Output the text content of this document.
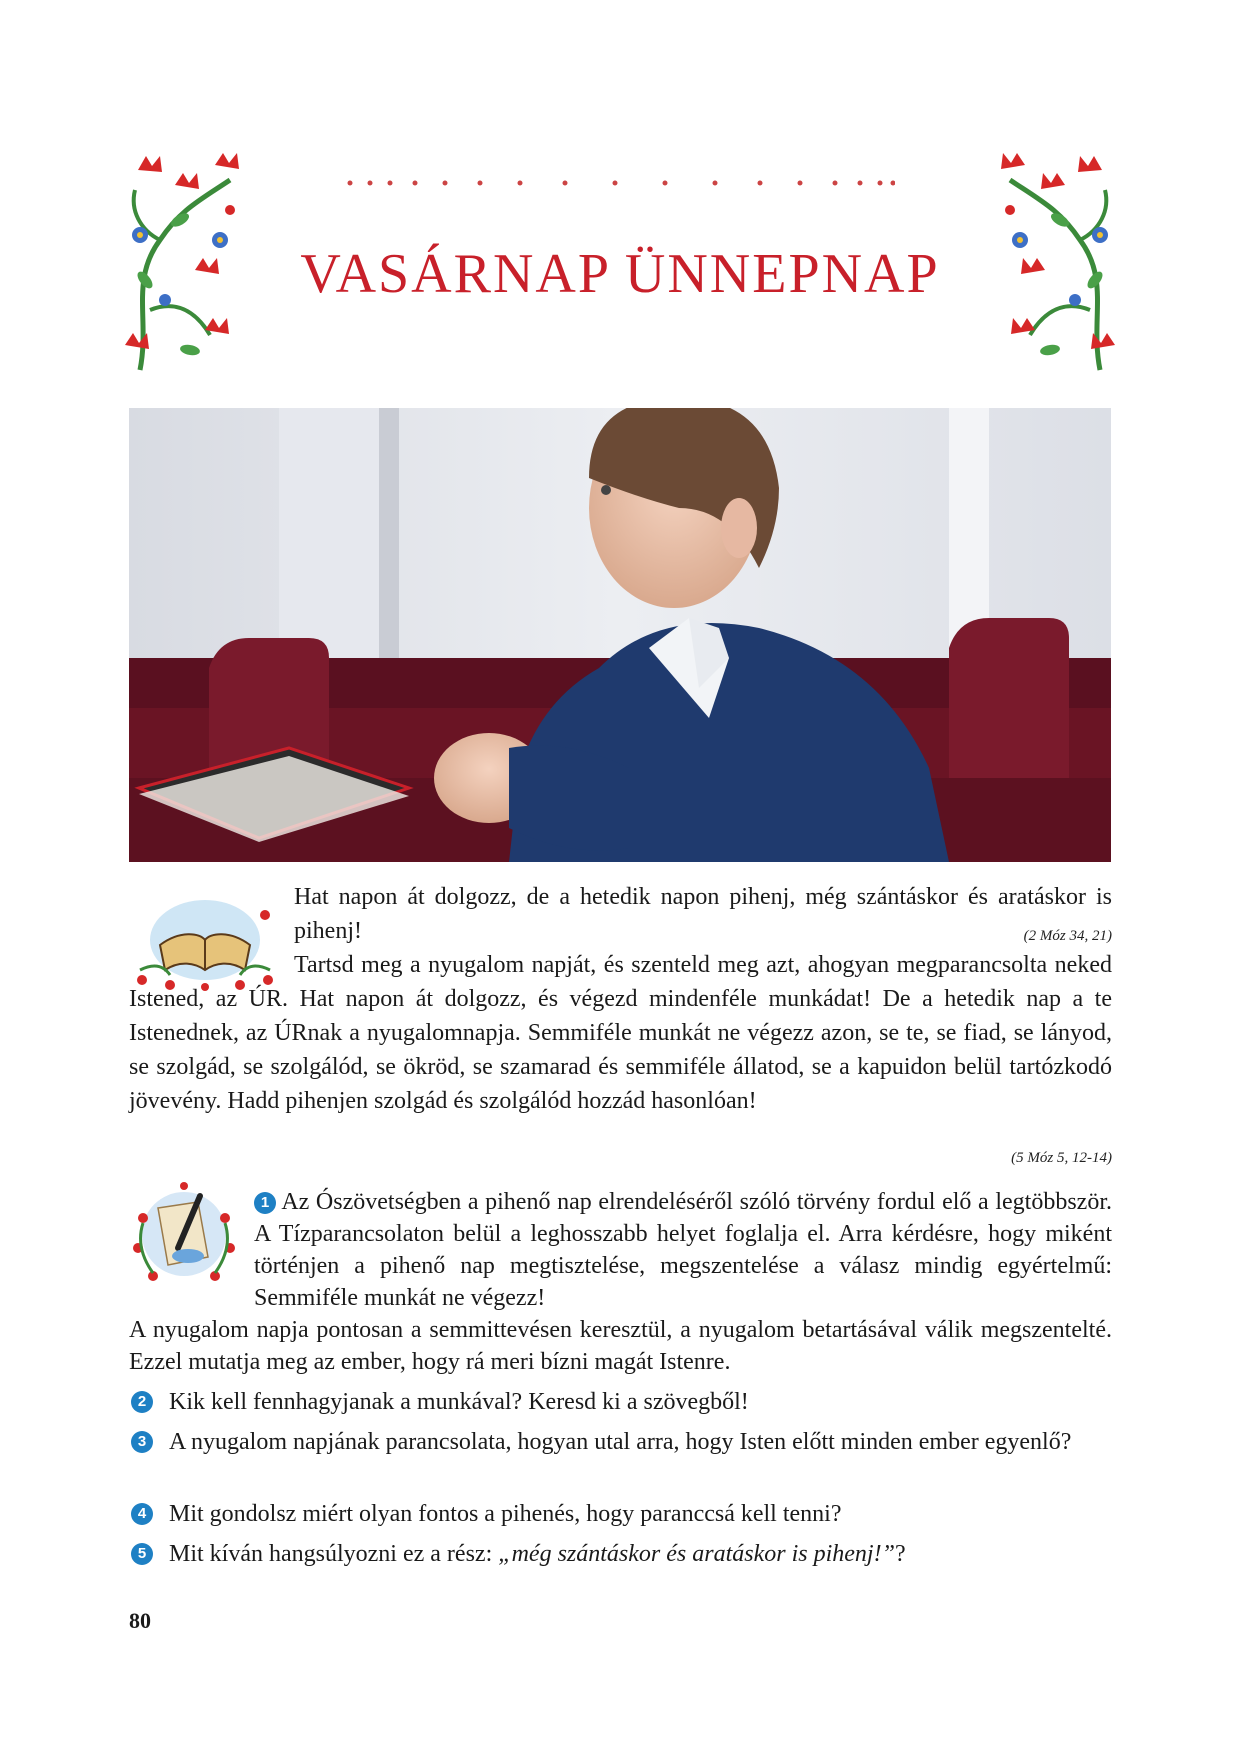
VASÁRNAP ÜNNEPNAP
Hat napon át dolgozz, de a hetedik napon pihenj, még szántáskor és aratáskor is pihenj!	(2 Móz 34, 21)
Tartsd meg a nyugalom napját, és szenteld meg azt, ahogyan megparancsolta neked Istened, az ÚR. Hat napon át dolgozz, és végezd mindenféle munkádat! De a hetedik nap a te Istenednek, az ÚRnak a nyugalomnapja. Semmiféle munkát ne végezz azon, se te, se fiad, se lányod, se szolgád, se szolgálód, se ökröd, se szamarad és semmiféle állatod, se a kapuidon belül tartózkodó jövevény. Hadd pihenjen szolgád és szolgálód hozzád hasonlóan!
(5 Móz 5, 12-14)
1 Az Ószövetségben a pihenő nap elrendeléséről szóló törvény fordul elő a legtöbbször. A Tízparancsolaton belül a leghosszabb helyet foglalja el. Arra kérdésre, hogy miként történjen a pihenő nap megtisztelése, megszentelése a válasz mindig egyértelmű: Semmiféle munkát ne végezz!
A nyugalom napja pontosan a semmittevésen keresztül, a nyugalom betartásával válik megszentelté. Ezzel mutatja meg az ember, hogy rá meri bízni magát Istenre.
2 Kik kell fennhagyjanak a munkával? Keresd ki a szövegből!
3 A nyugalom napjának parancsolata, hogyan utal arra, hogy Isten előtt minden ember egyenlő?
4 Mit gondolsz miért olyan fontos a pihenés, hogy paranccsá kell tenni?
5 Mit kíván hangsúlyozni ez a rész: „még szántáskor és aratáskor is pihenj!”?
80
